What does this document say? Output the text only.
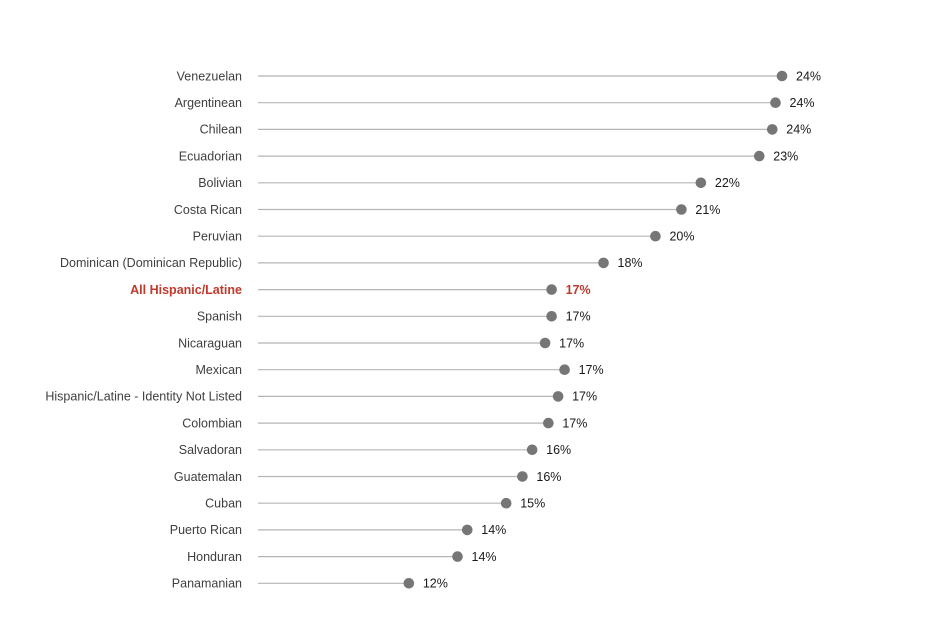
Venezuelan	24%
Argentinean	24%
Chilean	24%
Ecuadorian	23%
Bolivian	22%
Costa Rican	21%
Peruvian	20%
Dominican (Dominican Republic)	18%
All Hispanic/Latine	17%
Spanish	17%
Nicaraguan	17%
Mexican	17%
Hispanic/Latine - Identity Not Listed	17%
Colombian	17%
Salvadoran	16%
Guatemalan	16%
Cuban	15%
Puerto Rican	14%
Honduran	14%
Panamanian	12%
